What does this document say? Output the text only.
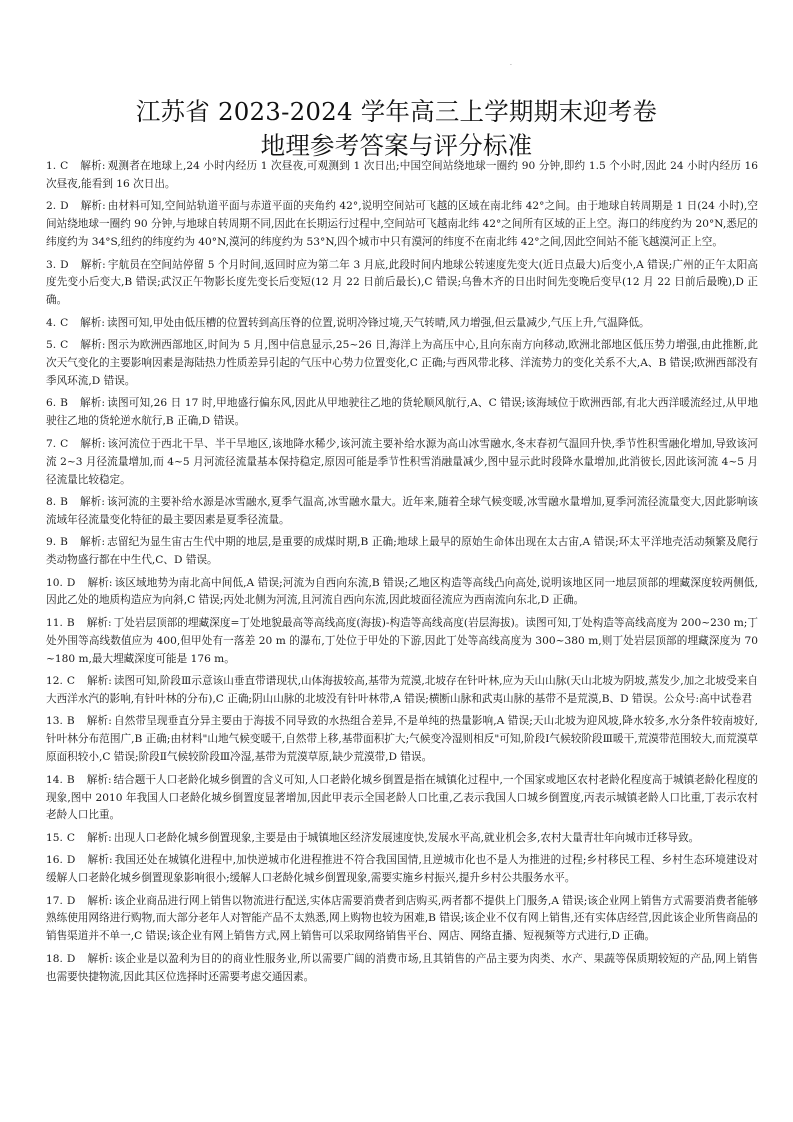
·
江苏省 2023-2024 学年高三上学期期末迎考卷
地理参考答案与评分标准

1. C 解析: 观测者在地球上,24 小时内经历 1 次昼夜,可观测到 1 次日出;中国空间站绕地球一圈约 90 分钟,即约 1.5 个小时,因此 24 小时内经历 16 次昼夜,能看到 16 次日出。

2. D 解析: 由材料可知,空间站轨道平面与赤道平面的夹角约 42°,说明空间站可飞越的区域在南北纬 42°之间。由于地球自转周期是 1 日(24 小时),空间站绕地球一圈约 90 分钟,与地球自转周期不同,因此在长期运行过程中,空间站可飞越南北纬 42°之间所有区域的正上空。海口的纬度约为 20°N,悉尼的纬度约为 34°S,纽约的纬度约为 40°N,漠河的纬度约为 53°N,四个城市中只有漠河的纬度不在南北纬 42°之间,因此空间站不能飞越漠河正上空。

3. D 解析: 宇航员在空间站停留 5 个月时间,返回时应为第二年 3 月底,此段时间内地球公转速度先变大(近日点最大)后变小,A 错误;广州的正午太阳高度先变小后变大,B 错误;武汉正午物影长度先变长后变短(12 月 22 日前后最长),C 错误;乌鲁木齐的日出时间先变晚后变早(12 月 22 日前后最晚),D 正确。

4. C 解析: 读图可知,甲处由低压槽的位置转到高压脊的位置,说明冷锋过境,天气转晴,风力增强,但云量减少,气压上升,气温降低。

5. C 解析: 图示为欧洲西部地区,时间为 5 月,图中信息显示,25~26 日,海洋上为高压中心,且向东南方向移动,欧洲北部地区低压势力增强,由此推断,此次天气变化的主要影响因素是海陆热力性质差异引起的气压中心势力位置变化,C 正确;与西风带北移、洋流势力的变化关系不大,A、B 错误;欧洲西部没有季风环流,D 错误。

6. B 解析: 读图可知,26 日 17 时,甲地盛行偏东风,因此从甲地驶往乙地的货轮顺风航行,A、C 错误;该海域位于欧洲西部,有北大西洋暖流经过,从甲地驶往乙地的货轮逆水航行,B 正确,D 错误。

7. C 解析: 该河流位于西北干旱、半干旱地区,该地降水稀少,该河流主要补给水源为高山冰雪融水,冬末春初气温回升快,季节性积雪融化增加,导致该河流 2~3 月径流量增加,而 4~5 月河流径流量基本保持稳定,原因可能是季节性积雪消融量减少,图中显示此时段降水量增加,此消彼长,因此该河流 4~5 月径流量比较稳定。

8. B 解析: 该河流的主要补给水源是冰雪融水,夏季气温高,冰雪融水量大。近年来,随着全球气候变暖,冰雪融水量增加,夏季河流径流量变大,因此影响该流域年径流量变化特征的最主要因素是夏季径流量。

9. B 解析: 志留纪为显生宙古生代中期的地层,是重要的成煤时期,B 正确;地球上最早的原始生命体出现在太古宙,A 错误;环太平洋地壳活动频繁及爬行类动物盛行都在中生代,C、D 错误。

10. D 解析: 该区域地势为南北高中间低,A 错误;河流为自西向东流,B 错误;乙地区构造等高线凸向高处,说明该地区同一地层顶部的埋藏深度较两侧低,因此乙处的地质构造应为向斜,C 错误;丙处北侧为河流,且河流自西向东流,因此坡面径流应为西南流向东北,D 正确。

11. B 解析: 丁处岩层顶部的埋藏深度=丁处地貌最高等高线高度(海拔)-构造等高线高度(岩层海拔)。读图可知,丁处构造等高线高度为 200~230 m;丁处外围等高线数值应为 400,但甲处有一落差 20 m 的瀑布,丁处位于甲处的下游,因此丁处等高线高度为 300~380 m,则丁处岩层顶部的埋藏深度为 70~180 m,最大埋藏深度可能是 176 m。

12. C 解析: 读图可知,阶段Ⅲ示意该山垂直带谱现状,山体海拔较高,基带为荒漠,北坡存在针叶林,应为天山山脉(天山北坡为阴坡,蒸发少,加之北坡受来自大西洋水汽的影响,有针叶林的分布),C 正确;阴山山脉的北坡没有针叶林带,A 错误;横断山脉和武夷山脉的基带不是荒漠,B、D 错误。公众号:高中试卷君

13. B 解析: 自然带呈现垂直分异主要由于海拔不同导致的水热组合差异,不是单纯的热量影响,A 错误;天山北坡为迎风坡,降水较多,水分条件较南坡好,针叶林分布范围广,B 正确;由材料"山地气候变暖干,自然带上移,基带面积扩大;气候变冷湿则相反"可知,阶段Ⅰ气候较阶段Ⅲ暖干,荒漠带范围较大,而荒漠草原面积较小,C 错误;阶段Ⅱ气候较阶段Ⅲ冷湿,基带为荒漠草原,缺少荒漠带,D 错误。

14. B 解析: 结合题干人口老龄化城乡倒置的含义可知,人口老龄化城乡倒置是指在城镇化过程中,一个国家或地区农村老龄化程度高于城镇老龄化程度的现象,图中 2010 年我国人口老龄化城乡倒置度显著增加,因此甲表示全国老龄人口比重,乙表示我国人口城乡倒置度,丙表示城镇老龄人口比重,丁表示农村老龄人口比重。

15. C 解析: 出现人口老龄化城乡倒置现象,主要是由于城镇地区经济发展速度快,发展水平高,就业机会多,农村大量青壮年向城市迁移导致。

16. D 解析: 我国还处在城镇化进程中,加快逆城市化进程推进不符合我国国情,且逆城市化也不是人为推进的过程;乡村移民工程、乡村生态环境建设对缓解人口老龄化城乡倒置现象影响很小;缓解人口老龄化城乡倒置现象,需要实施乡村振兴,提升乡村公共服务水平。

17. D 解析: 该企业商品进行网上销售以物流进行配送,实体店需要消费者到店购买,两者都不提供上门服务,A 错误;该企业网上销售方式需要消费者能够熟练使用网络进行购物,而大部分老年人对智能产品不太熟悉,网上购物也较为困难,B 错误;该企业不仅有网上销售,还有实体店经营,因此该企业所售商品的销售渠道并不单一,C 错误;该企业有网上销售方式,网上销售可以采取网络销售平台、网店、网络直播、短视频等方式进行,D 正确。

18. D 解析: 该企业是以盈利为目的的商业性服务业,所以需要广阔的消费市场,且其销售的产品主要为肉类、水产、果蔬等保质期较短的产品,网上销售也需要快捷物流,因此其区位选择时还需要考虑交通因素。
